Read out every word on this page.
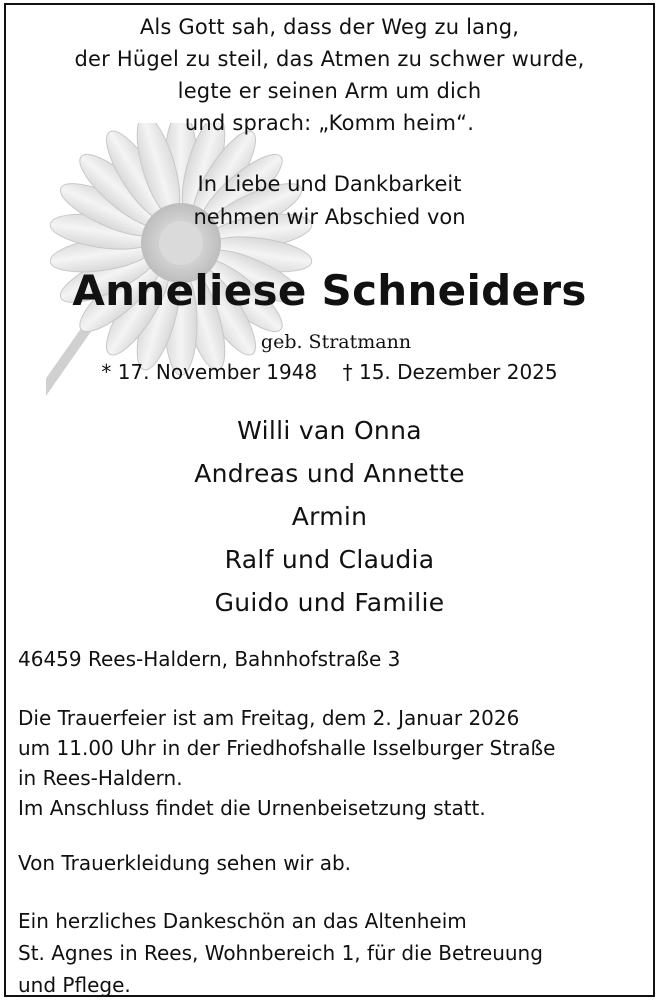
Als Gott sah, dass der Weg zu lang,
der Hügel zu steil, das Atmen zu schwer wurde,
legte er seinen Arm um dich
und sprach: „Komm heim“.
In Liebe und Dankbarkeit
nehmen wir Abschied von
Anneliese Schneiders
geb. Stratmann
* 17. November 1948 † 15. Dezember 2025
Willi van Onna
Andreas und Annette
Armin
Ralf und Claudia
Guido und Familie
46459 Rees-Haldern, Bahnhofstraße 3
Die Trauerfeier ist am Freitag, dem 2. Januar 2026
um 11.00 Uhr in der Friedhofshalle Isselburger Straße
in Rees-Haldern.
Im Anschluss findet die Urnenbeisetzung statt.
Von Trauerkleidung sehen wir ab.
Ein herzliches Dankeschön an das Altenheim
St. Agnes in Rees, Wohnbereich 1, für die Betreuung
und Pflege.
